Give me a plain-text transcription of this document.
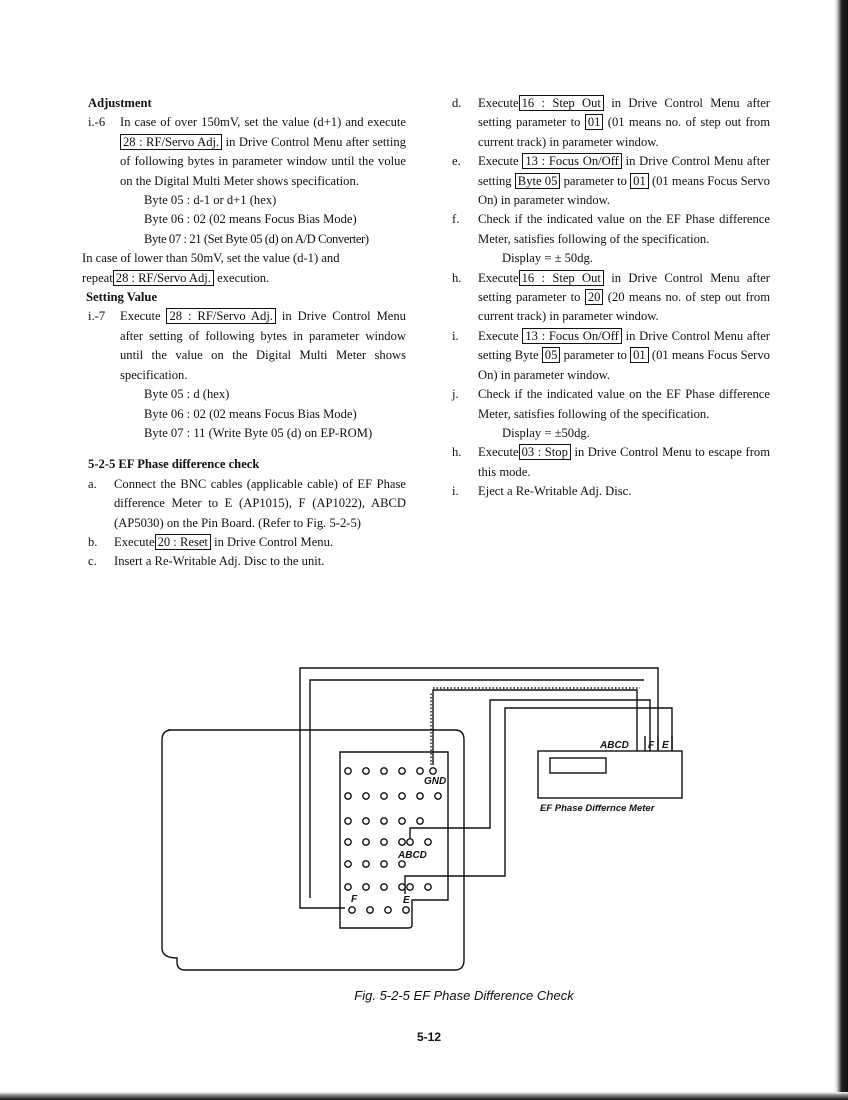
Adjustment

i.-6	In case of over 150mV, set the value (d+1) and execute 28 : RF/Servo Adj. in Drive Control Menu after setting of following bytes in parameter window until the volue on the Digital Multi Meter shows specification.

Byte 05 : d-1 or d+1 (hex)

Byte 06 : 02 (02 means Focus Bias Mode)

Byte 07 : 21 (Set Byte 05 (d) on A/D Converter)

In case of lower than 50mV, set the value (d-1) and

repeat 28 : RF/Servo Adj. execution.

Setting Value

i.-7	Execute 28 : RF/Servo Adj. in Drive Control Menu after setting of following bytes in parameter window until the value on the Digital Multi Meter shows specification.

Byte 05 : d (hex)

Byte 06 : 02 (02 means Focus Bias Mode)

Byte 07 : 11 (Write Byte 05 (d) on EP-ROM)

5-2-5 EF Phase difference check

a.	Connect the BNC cables (applicable cable) of EF Phase difference Meter to E (AP1015), F (AP1022), ABCD (AP5030) on the Pin Board. (Refer to Fig. 5-2-5)
b.	Execute 20 : Reset in Drive Control Menu.
c.	Insert a Re-Writable Adj. Disc to the unit.
d.	Execute 16 : Step Out in Drive Control Menu after setting parameter to 01 (01 means no. of step out from current track) in parameter window.
e.	Execute 13 : Focus On/Off in Drive Control Menu after setting Byte 05 parameter to 01 (01 means Focus Servo On) in parameter window.
f.	Check if the indicated value on the EF Phase difference Meter, satisfies following of the specification.

Display = ± 50dg.

h.	Execute 16 : Step Out in Drive Control Menu after setting parameter to 20 (20 means no. of step out from current track) in parameter window.
i.	Execute 13 : Focus On/Off in Drive Control Menu after setting Byte 05 parameter to 01 (01 means Focus Servo On) in parameter window.
j.	Check if the indicated value on the EF Phase difference Meter, satisfies following of the specification.

Display = ±50dg.

h.	Execute 03 : Stop in Drive Control Menu to escape from this mode.
i.	Eject a Re-Writable Adj. Disc.
GND
ABCD
F	E
ABCD F E
EF Phase Differnce Meter
Fig. 5-2-5 EF Phase Difference Check
5-12
